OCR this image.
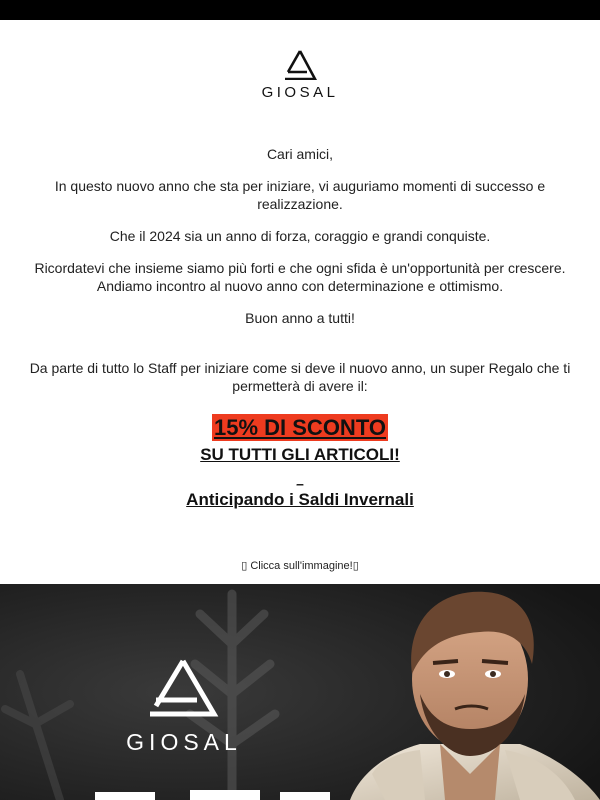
GIOSAL

Cari amici,

In questo nuovo anno che sta per iniziare, vi auguriamo momenti di successo e realizzazione.

Che il 2024 sia un anno di forza, coraggio e grandi conquiste.

Ricordatevi che insieme siamo più forti e che ogni sfida è un'opportunità per crescere. Andiamo incontro al nuovo anno con determinazione e ottimismo.

Buon anno a tutti!

Da parte di tutto lo Staff per iniziare come si deve il nuovo anno, un super Regalo che ti permetterà di avere il:

15% DI SCONTO
SU TUTTI GLI ARTICOLI!
_
Anticipando i Saldi Invernali
▯ Clicca sull'immagine!▯
GIOSAL
